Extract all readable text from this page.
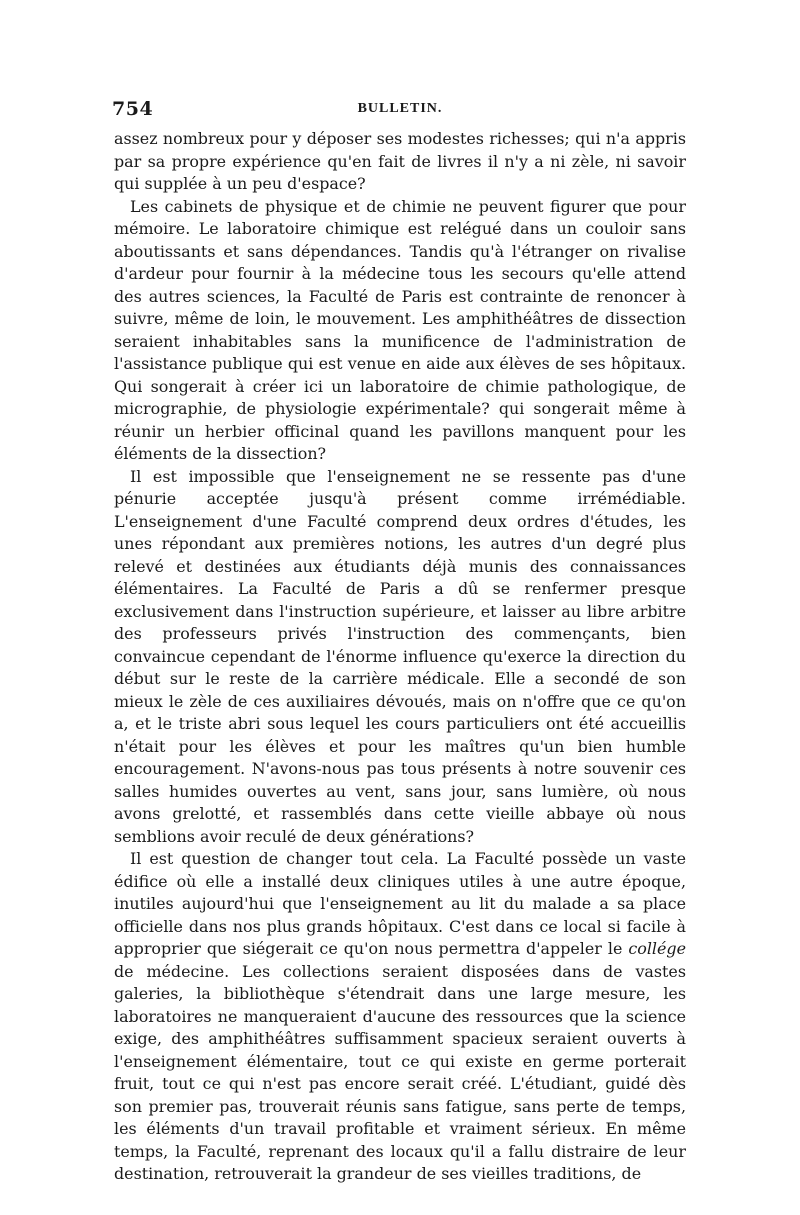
754	BULLETIN.

assez nombreux pour y déposer ses modestes richesses; qui n'a appris par sa propre expérience qu'en fait de livres il n'y a ni zèle, ni savoir qui supplée à un peu d'espace?

Les cabinets de physique et de chimie ne peuvent figurer que pour mémoire. Le laboratoire chimique est relégué dans un couloir sans aboutissants et sans dépendances. Tandis qu'à l'étranger on rivalise d'ardeur pour fournir à la médecine tous les secours qu'elle attend des autres sciences, la Faculté de Paris est contrainte de renoncer à suivre, même de loin, le mouvement. Les amphithéâtres de dissection seraient inhabitables sans la munificence de l'administration de l'assistance publique qui est venue en aide aux élèves de ses hôpitaux. Qui songerait à créer ici un laboratoire de chimie pathologique, de micrographie, de physiologie expérimentale? qui songerait même à réunir un herbier officinal quand les pavillons manquent pour les éléments de la dissection?

Il est impossible que l'enseignement ne se ressente pas d'une pénurie acceptée jusqu'à présent comme irrémédiable. L'enseignement d'une Faculté comprend deux ordres d'études, les unes répondant aux premières notions, les autres d'un degré plus relevé et destinées aux étudiants déjà munis des connaissances élémentaires. La Faculté de Paris a dû se renfermer presque exclusivement dans l'instruction supérieure, et laisser au libre arbitre des professeurs privés l'instruction des commençants, bien convaincue cependant de l'énorme influence qu'exerce la direction du début sur le reste de la carrière médicale. Elle a secondé de son mieux le zèle de ces auxiliaires dévoués, mais on n'offre que ce qu'on a, et le triste abri sous lequel les cours particuliers ont été accueillis n'était pour les élèves et pour les maîtres qu'un bien humble encouragement. N'avons-nous pas tous présents à notre souvenir ces salles humides ouvertes au vent, sans jour, sans lumière, où nous avons grelotté, et rassemblés dans cette vieille abbaye où nous semblions avoir reculé de deux générations?

Il est question de changer tout cela. La Faculté possède un vaste édifice où elle a installé deux cliniques utiles à une autre époque, inutiles aujourd'hui que l'enseignement au lit du malade a sa place officielle dans nos plus grands hôpitaux. C'est dans ce local si facile à approprier que siégerait ce qu'on nous permettra d'appeler le collége de médecine. Les collections seraient disposées dans de vastes galeries, la bibliothèque s'étendrait dans une large mesure, les laboratoires ne manqueraient d'aucune des ressources que la science exige, des amphithéâtres suffisamment spacieux seraient ouverts à l'enseignement élémentaire, tout ce qui existe en germe porterait fruit, tout ce qui n'est pas encore serait créé. L'étudiant, guidé dès son premier pas, trouverait réunis sans fatigue, sans perte de temps, les éléments d'un travail profitable et vraiment sérieux. En même temps, la Faculté, reprenant des locaux qu'il a fallu distraire de leur destination, retrouverait la grandeur de ses vieilles traditions, de
